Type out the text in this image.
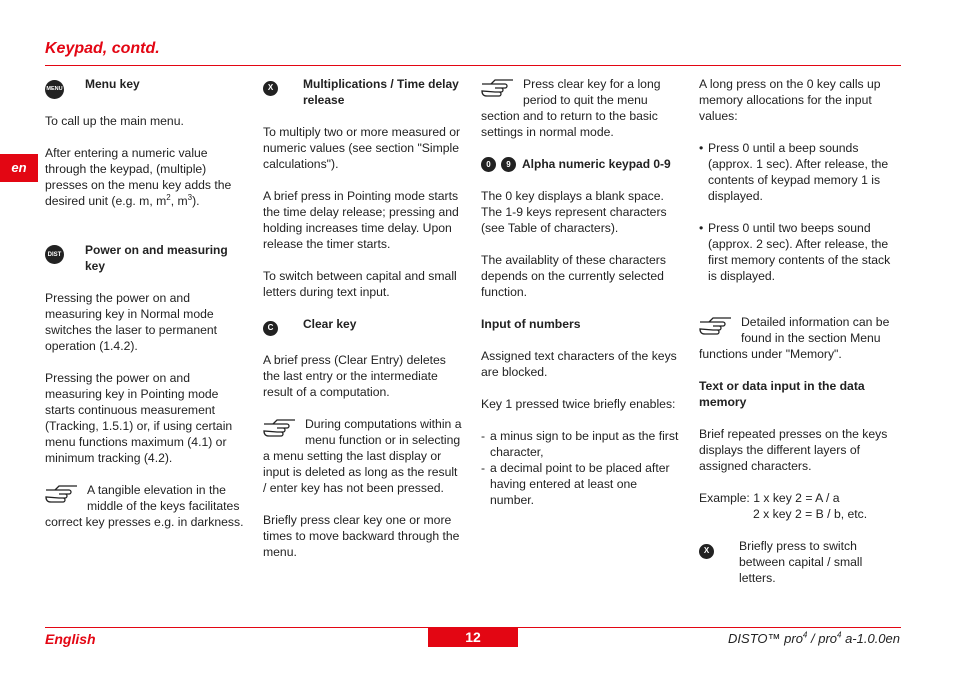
Keypad, contd.
en
MENU	Menu key

To call up the main menu.

After entering a numeric value through the keypad, (multiple) presses on the menu key adds the desired unit (e.g. m, $m^2$, $m^3$).

DIST	Power on and measuring key

Pressing the power on and measuring key in Normal mode switches the laser to permanent operation (1.4.2).

Pressing the power on and measuring key in Pointing mode starts continuous measurement (Tracking, 1.5.1) or, if using certain menu functions maximum (4.1) or minimum tracking (4.2).

A tangible elevation in the middle of the keys facilitates correct key presses e.g. in darkness.
X	Multiplications / Time delay release

To multiply two or more measured or numeric values (see section "Simple calculations").

A brief press in Pointing mode starts the time delay release; pressing and holding increases time delay. Upon release the timer starts.

To switch between capital and small letters during text input.

C	Clear key

A brief press (Clear Entry) deletes the last entry or the intermediate result of a computation.

During computations within a menu function or in selecting a menu setting the last display or input is deleted as long as the result / enter key has not been pressed.

Briefly press clear key one or more times to move backward through the menu.

Press clear key for a long period to quit the menu section and to return to the basic settings in normal mode.
0	9 Alpha numeric keypad 0-9

The 0 key displays a blank space. The 1-9 keys represent characters (see Table of characters).

The availablity of these characters depends on the currently selected function.

Input of numbers

Assigned text characters of the keys are blocked.

Key 1 pressed twice briefly enables:

- a minus sign to be input as the first character,
- a decimal point to be placed after having entered at least one number.

A long press on the 0 key calls up memory allocations for the input values:

• Press 0 until a beep sounds (approx. 1 sec). After release, the contents of keypad memory 1 is displayed.
• Press 0 until two beeps sound (approx. 2 sec). After release, the first memory contents of the stack is displayed.
Detailed information can be found in the section Menu functions under "Memory".

Text or data input in the data memory

Brief repeated presses on the keys displays the different layers of assigned characters.

Example: 1 x key 2 = A / a
2 x key 2 = B / b, etc.
X	Briefly press to switch between capital / small letters.
English	12	DISTO™ pro$^4$ / pro$^4$ a-1.0.0en
